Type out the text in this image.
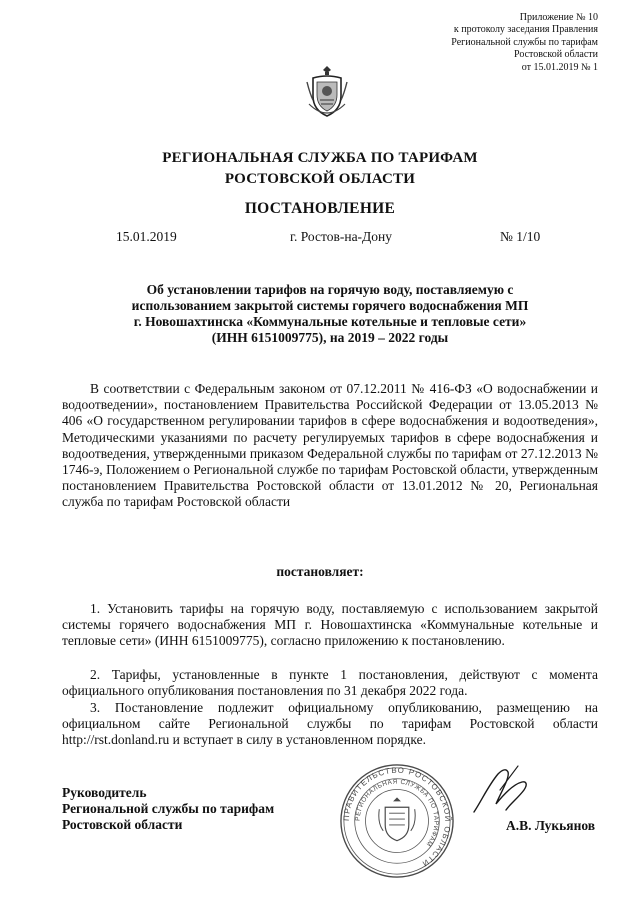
Приложение № 10
к протоколу заседания Правления
Региональной службы по тарифам
Ростовской области
от 15.01.2019 № 1
РЕГИОНАЛЬНАЯ СЛУЖБА ПО ТАРИФАМ
РОСТОВСКОЙ ОБЛАСТИ
ПОСТАНОВЛЕНИЕ
15.01.2019	г. Ростов-на-Дону	№ 1/10
Об установлении тарифов на горячую воду, поставляемую с
использованием закрытой системы горячего водоснабжения МП
г. Новошахтинска «Коммунальные котельные и тепловые сети»
(ИНН 6151009775), на 2019 – 2022 годы
В соответствии с Федеральным законом от 07.12.2011 № 416-ФЗ «О водоснабжении и водоотведении», постановлением Правительства Российской Федерации от 13.05.2013 № 406 «О государственном регулировании тарифов в сфере водоснабжения и водоотведения», Методическими указаниями по расчету регулируемых тарифов в сфере водоснабжения и водоотведения, утвержденными приказом Федеральной службы по тарифам от 27.12.2013 № 1746-э, Положением о Региональной службе по тарифам Ростовской области, утвержденным постановлением Правительства Ростовской области от 13.01.2012 № 20, Региональная служба по тарифам Ростовской области
постановляет:
1. Установить тарифы на горячую воду, поставляемую с использованием закрытой системы горячего водоснабжения МП г. Новошахтинска «Коммунальные котельные и тепловые сети» (ИНН 6151009775), согласно приложению к постановлению.
2. Тарифы, установленные в пункте 1 постановления, действуют с момента официального опубликования постановления по 31 декабря 2022 года.
3. Постановление подлежит официальному опубликованию, размещению на официальном сайте Региональной службы по тарифам Ростовской области http://rst.donland.ru и вступает в силу в установленном порядке.
Руководитель
Региональной службы по тарифам
Ростовской области	ПРАВИТЕЛЬСТВО РОСТОВСКОЙ ОБЛАСТИ
РЕГИОНАЛЬНАЯ СЛУЖБА ПО ТАРИФАМ
А.В. Лукьянов
